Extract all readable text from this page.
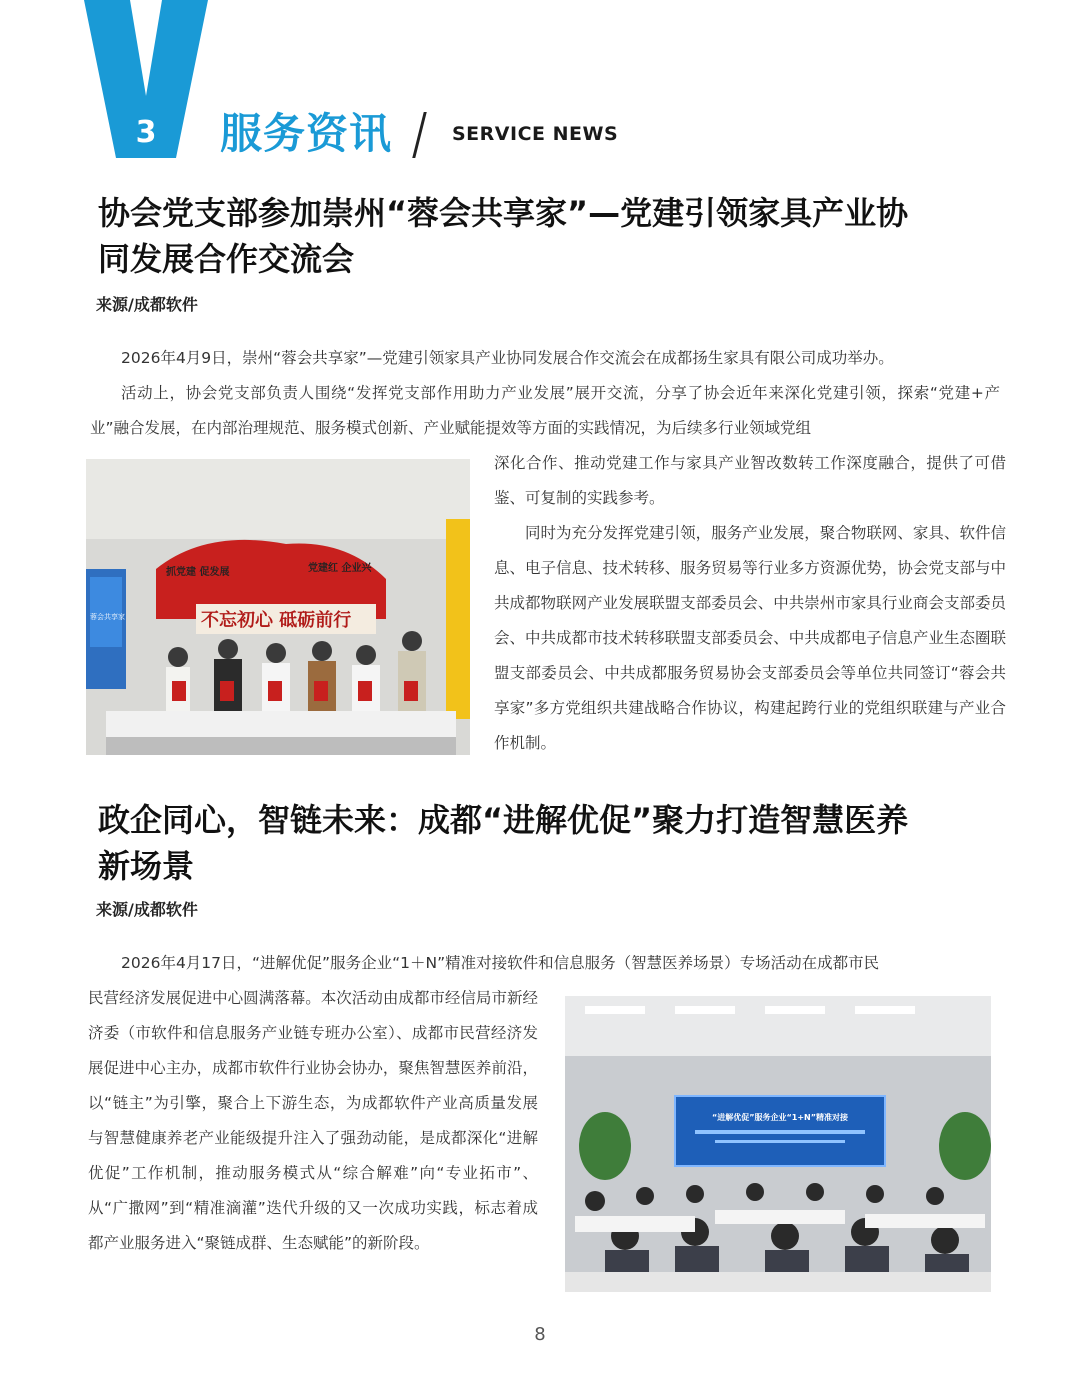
3 服务资讯	SERVICE NEWS
协会党支部参加崇州“蓉会共享家”—党建引领家具产业协
同发展合作交流会
来源/成都软件

2026年4月9日，崇州“蓉会共享家”—党建引领家具产业协同发展合作交流会在成都扬生家具有限公司成功举办。

活动上，协会党支部负责人围绕“发挥党支部作用助力产业发展”展开交流，分享了协会近年来深化党建引领，探索“党建+产业”融合发展，在内部治理规范、服务模式创新、产业赋能提效等方面的实践情况，为后续多行业领域党组

深化合作、推动党建工作与家具产业智改数转工作深度融合，提供了可借鉴、可复制的实践参考。

同时为充分发挥党建引领，服务产业发展，聚合物联网、家具、软件信息、电子信息、技术转移、服务贸易等行业多方资源优势，协会党支部与中共成都物联网产业发展联盟支部委员会、中共崇州市家具行业商会支部委员会、中共成都市技术转移联盟支部委员会、中共成都电子信息产业生态圈联盟支部委员会、中共成都服务贸易协会支部委员会等单位共同签订“蓉会共享家”多方党组织共建战略合作协议，构建起跨行业的党组织联建与产业合作机制。

抓党建 促发展	党建红 企业兴
不忘初心 砥砺前行
蓉会共享家
政企同心，智链未来：成都“进解优促”聚力打造智慧医养
新场景
来源/成都软件

2026年4月17日，“进解优促”服务企业“1＋N”精准对接软件和信息服务（智慧医养场景）专场活动在成都市民

民营经济发展促进中心圆满落幕。本次活动由成都市经信局市新经济委（市软件和信息服务产业链专班办公室）、成都市民营经济发展促进中心主办，成都市软件行业协会协办，聚焦智慧医养前沿，以“链主”为引擎，聚合上下游生态，为成都软件产业高质量发展与智慧健康养老产业能级提升注入了强劲动能，是成都深化“进解优促”工作机制，推动服务模式从“综合解难”向“专业拓市”、从“广撒网”到“精准滴灌”迭代升级的又一次成功实践，标志着成都产业服务进入“聚链成群、生态赋能”的新阶段。

“进解优促”服务企业“1+N”精准对接
8
